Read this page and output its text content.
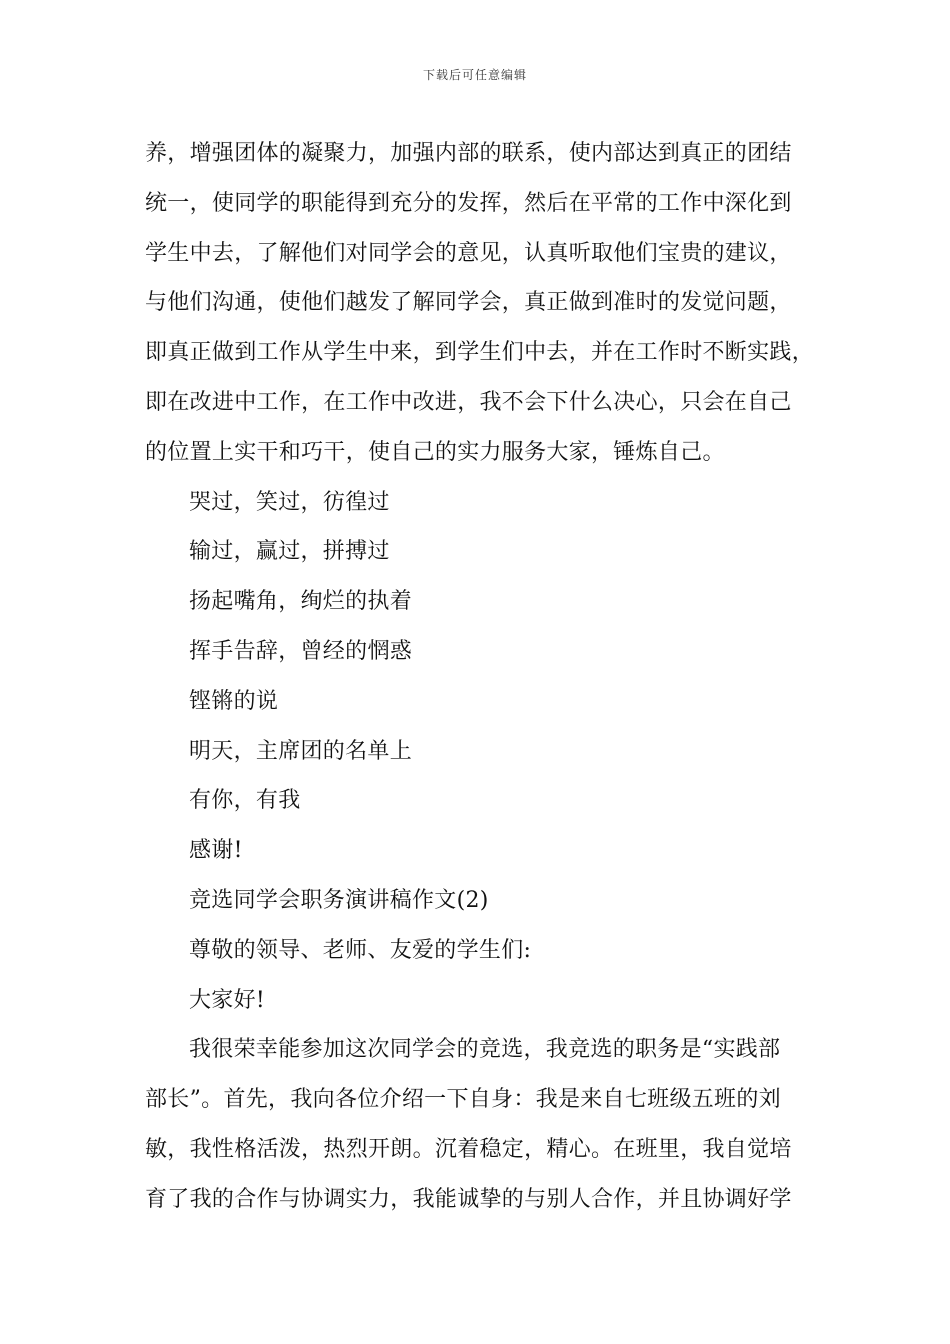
下载后可任意编辑
养，增强团体的凝聚力，加强内部的联系，使内部达到真正的团结
统一，使同学的职能得到充分的发挥，然后在平常的工作中深化到
学生中去，了解他们对同学会的意见，认真听取他们宝贵的建议，
与他们沟通，使他们越发了解同学会，真正做到准时的发觉问题，
即真正做到工作从学生中来，到学生们中去，并在工作时不断实践，
即在改进中工作，在工作中改进，我不会下什么决心，只会在自己
的位置上实干和巧干，使自己的实力服务大家，锤炼自己。
哭过，笑过，彷徨过
输过，赢过，拼搏过
扬起嘴角，绚烂的执着
挥手告辞，曾经的惘惑
铿锵的说
明天，主席团的名单上
有你，有我
感谢!
竞选同学会职务演讲稿作文(2)
尊敬的领导、老师、友爱的学生们:
大家好!
我很荣幸能参加这次同学会的竞选，我竞选的职务是“实践部
部长”。首先，我向各位介绍一下自身：我是来自七班级五班的刘
敏，我性格活泼，热烈开朗。沉着稳定，精心。在班里，我自觉培
育了我的合作与协调实力，我能诚挚的与别人合作，并且协调好学
